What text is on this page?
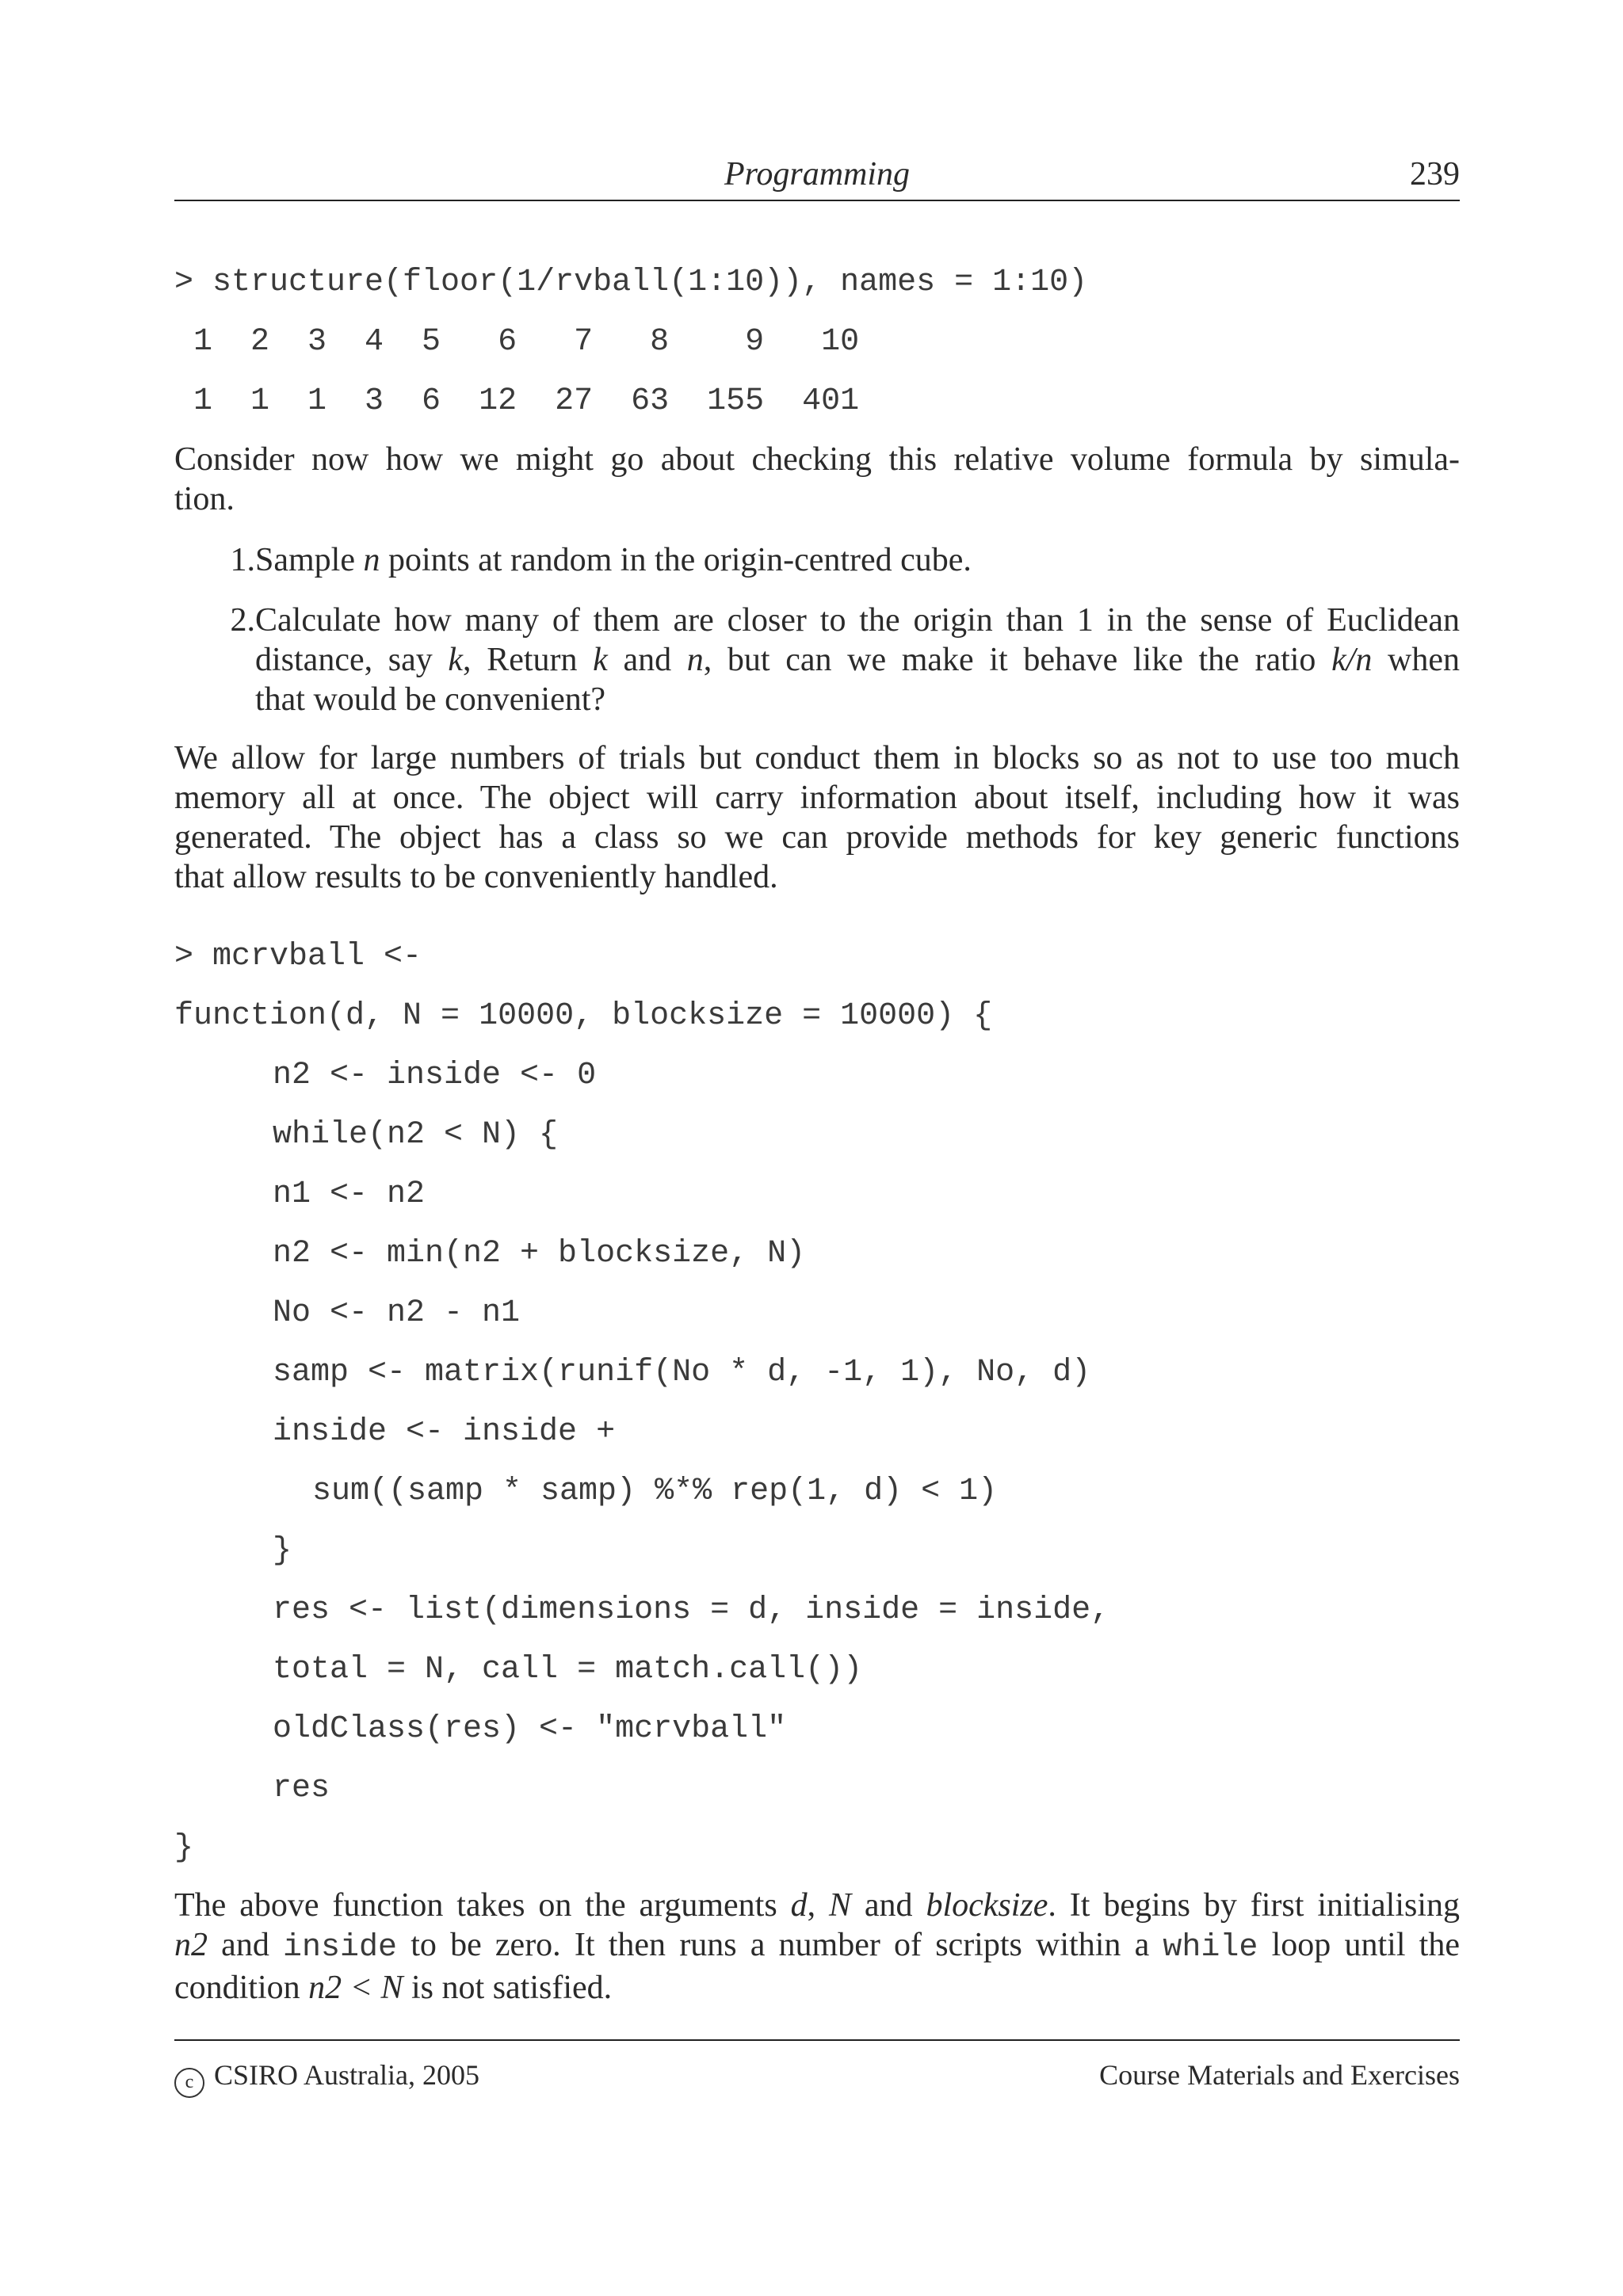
Programming	239
> structure(floor(1/rvball(1:10)), names = 1:10)
1  2  3  4  5   6   7   8    9   10
1  1  1  3  6  12  27  63  155  401
Consider now how we might go about checking this relative volume formula by simula-
tion.
1. Sample n points at random in the origin-centred cube.
2. Calculate how many of them are closer to the origin than 1 in the sense of Euclidean
distance, say k, Return k and n, but can we make it behave like the ratio k/n when
that would be convenient?
We allow for large numbers of trials but conduct them in blocks so as not to use too much
memory all at once. The object will carry information about itself, including how it was
generated. The object has a class so we can provide methods for key generic functions
that allow results to be conveniently handled.
> mcrvball <-
function(d, N = 10000, blocksize = 10000) {
n2 <- inside <- 0
while(n2 < N) {
n1 <- n2
n2 <- min(n2 + blocksize, N)
No <- n2 - n1
samp <- matrix(runif(No * d, -1, 1), No, d)
inside <- inside +
sum((samp * samp) %*% rep(1, d) < 1)
}
res <- list(dimensions = d, inside = inside,
total = N, call = match.call())
oldClass(res) <- "mcrvball"
res
}
The above function takes on the arguments d, N and blocksize. It begins by first initialising
n2 and inside to be zero. It then runs a number of scripts within a while loop until the
condition n2 < N is not satisfied.
c CSIRO Australia, 2005	Course Materials and Exercises
